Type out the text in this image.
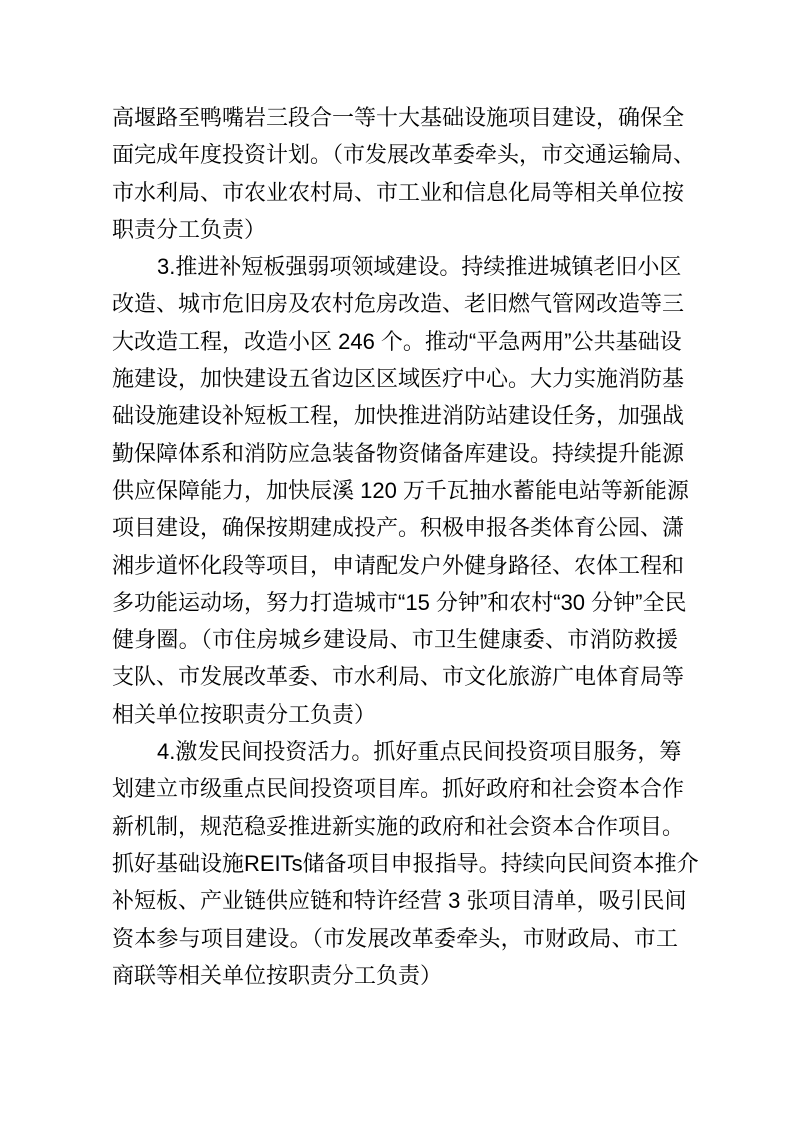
高堰路至鸭嘴岩三段合一等十大基础设施项目建设，确保全
面完成年度投资计划。（市发展改革委牵头，市交通运输局、
市水利局、市农业农村局、市工业和信息化局等相关单位按
职责分工负责）

3.推进补短板强弱项领域建设。持续推进城镇老旧小区
改造、城市危旧房及农村危房改造、老旧燃气管网改造等三
大改造工程，改造小区 246 个。推动“平急两用”公共基础设
施建设，加快建设五省边区区域医疗中心。大力实施消防基
础设施建设补短板工程，加快推进消防站建设任务，加强战
勤保障体系和消防应急装备物资储备库建设。持续提升能源
供应保障能力，加快辰溪 120 万千瓦抽水蓄能电站等新能源
项目建设，确保按期建成投产。积极申报各类体育公园、潇
湘步道怀化段等项目，申请配发户外健身路径、农体工程和
多功能运动场，努力打造城市“15 分钟”和农村“30 分钟”全民
健身圈。（市住房城乡建设局、市卫生健康委、市消防救援
支队、市发展改革委、市水利局、市文化旅游广电体育局等
相关单位按职责分工负责）

4.激发民间投资活力。抓好重点民间投资项目服务，筹
划建立市级重点民间投资项目库。抓好政府和社会资本合作
新机制，规范稳妥推进新实施的政府和社会资本合作项目。
抓好基础设施REITs储备项目申报指导。持续向民间资本推介
补短板、产业链供应链和特许经营 3 张项目清单，吸引民间
资本参与项目建设。（市发展改革委牵头，市财政局、市工
商联等相关单位按职责分工负责）
